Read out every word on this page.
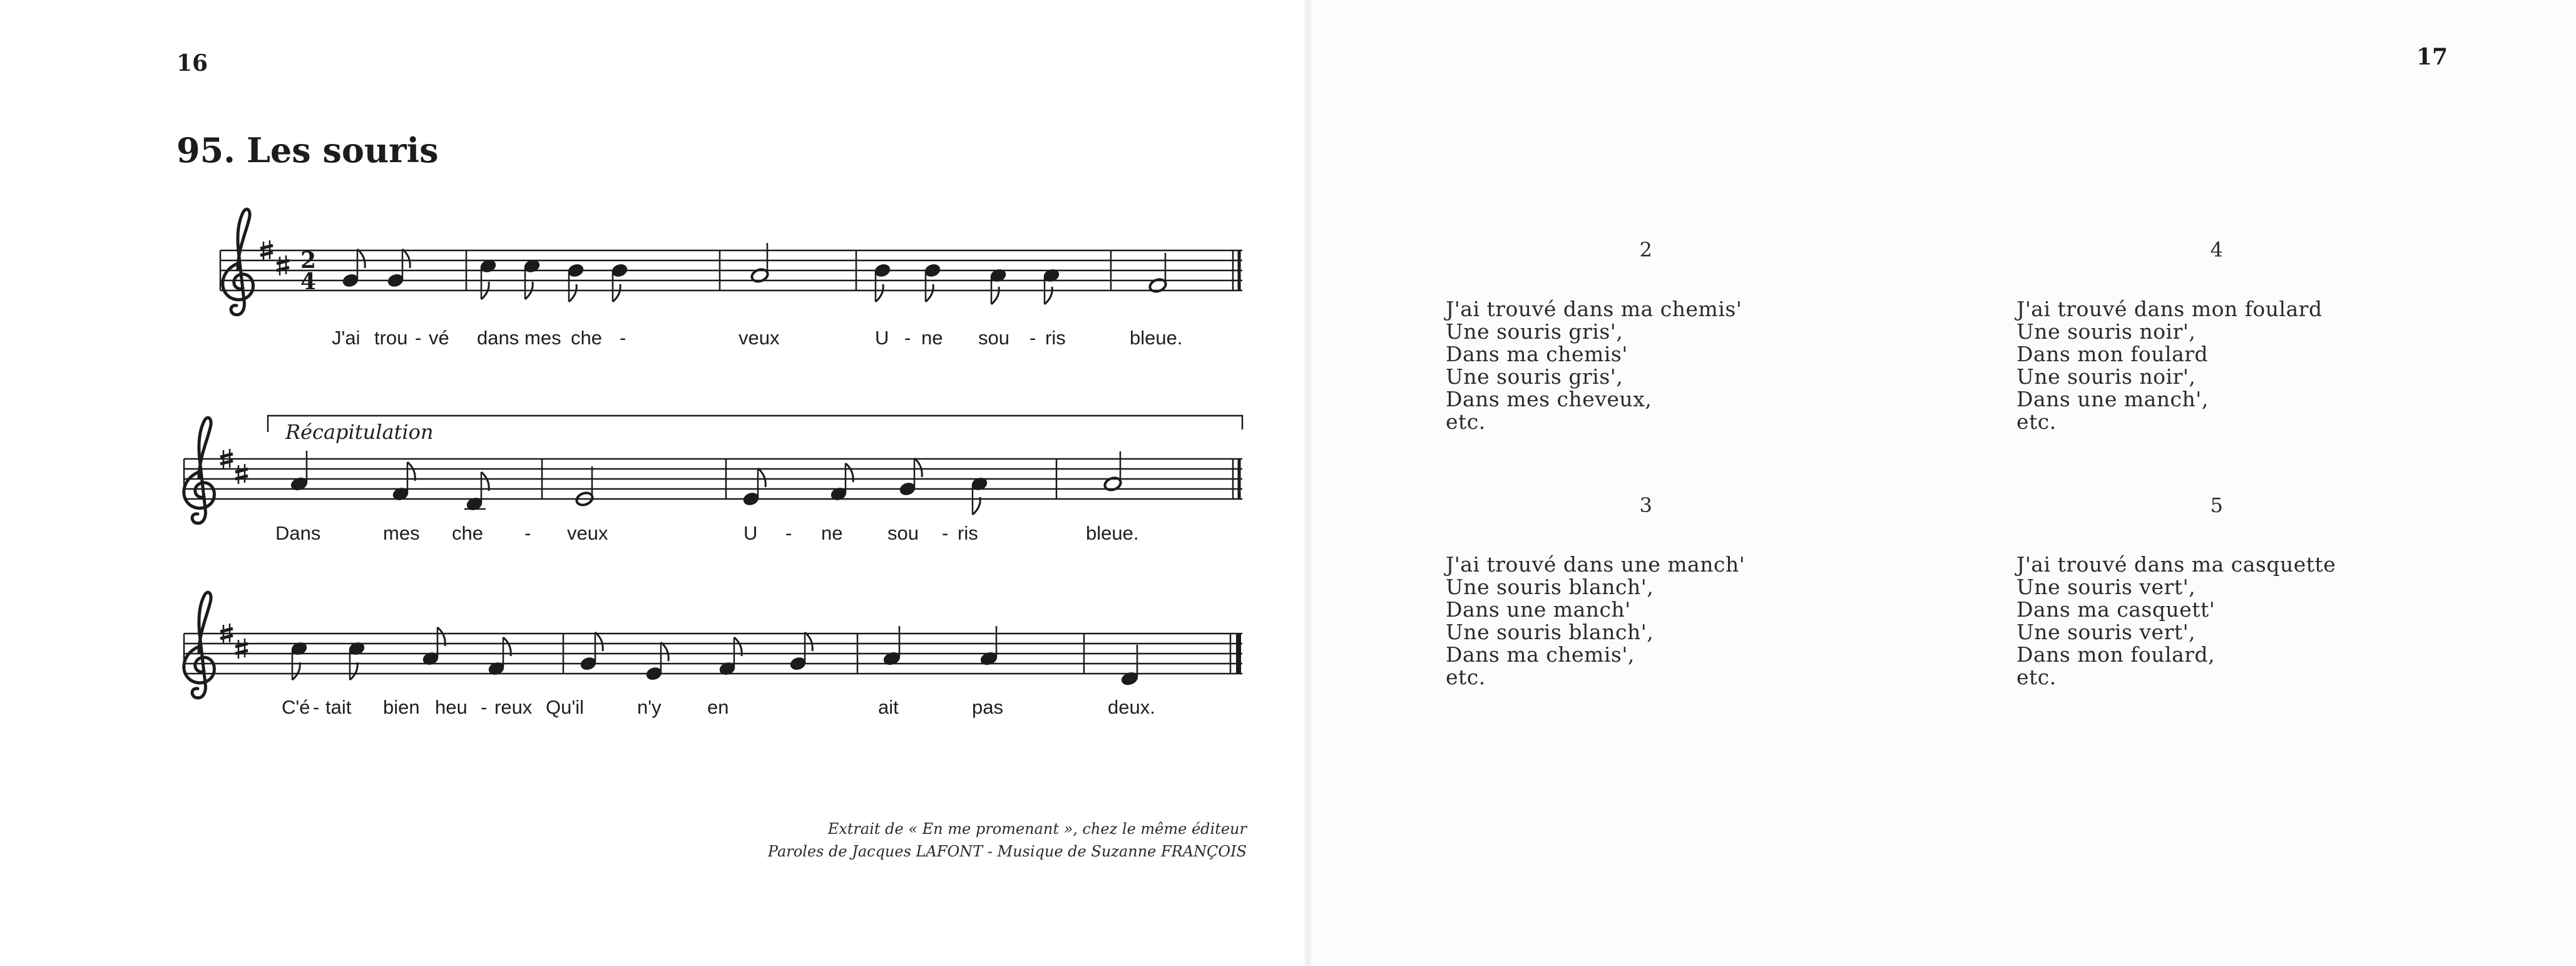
16	17
95. Les souris
2
4
Récapitulation
J'ai trou - vé dans mes che -	veux	U - ne sou - ris	bleue.
Dans	mes che - veux	U - ne sou - ris	bleue.
C'é - tait bien heu - reux Qu'il	n'y en	ait	pas	deux.
Extrait de « En me promenant », chez le même éditeur
Paroles de Jacques LAFONT - Musique de Suzanne FRANÇOIS
2
J'ai trouvé dans ma chemis'
Une souris gris',
Dans ma chemis'
Une souris gris',
Dans mes cheveux,
etc.
4
J'ai trouvé dans mon foulard
Une souris noir',
Dans mon foulard
Une souris noir',
Dans une manch',
etc.
3
J'ai trouvé dans une manch'
Une souris blanch',
Dans une manch'
Une souris blanch',
Dans ma chemis',
etc.
5
J'ai trouvé dans ma casquette
Une souris vert',
Dans ma casquett'
Une souris vert',
Dans mon foulard,
etc.
